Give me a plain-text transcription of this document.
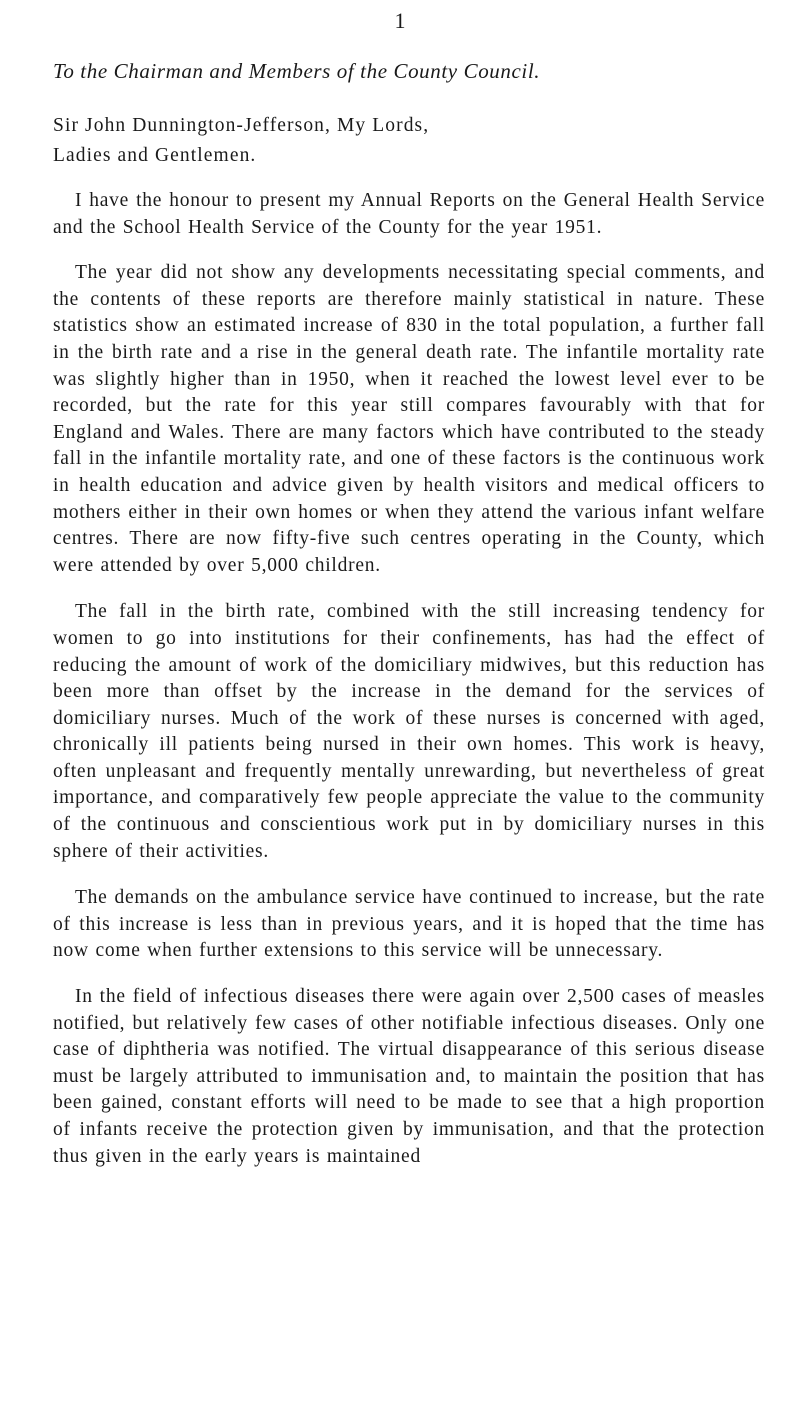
1
To the Chairman and Members of the County Council.
Sir John Dunnington-Jefferson, My Lords,
Ladies and Gentlemen.

I have the honour to present my Annual Reports on the General Health Service and the School Health Service of the County for the year 1951.

The year did not show any developments necessitating special comments, and the contents of these reports are therefore mainly statistical in nature. These statistics show an estimated increase of 830 in the total population, a further fall in the birth rate and a rise in the general death rate. The infantile mortality rate was slightly higher than in 1950, when it reached the lowest level ever to be recorded, but the rate for this year still compares favourably with that for England and Wales. There are many factors which have contributed to the steady fall in the infantile mortality rate, and one of these factors is the continuous work in health education and advice given by health visitors and medical officers to mothers either in their own homes or when they attend the various infant welfare centres. There are now fifty-five such centres operating in the County, which were attended by over 5,000 children.

The fall in the birth rate, combined with the still increasing tendency for women to go into institutions for their confinements, has had the effect of reducing the amount of work of the domiciliary midwives, but this reduction has been more than offset by the increase in the demand for the services of domiciliary nurses. Much of the work of these nurses is concerned with aged, chronically ill patients being nursed in their own homes. This work is heavy, often unpleasant and frequently mentally unrewarding, but nevertheless of great importance, and comparatively few people appreciate the value to the community of the continuous and conscientious work put in by domiciliary nurses in this sphere of their activities.

The demands on the ambulance service have continued to increase, but the rate of this increase is less than in previous years, and it is hoped that the time has now come when further extensions to this service will be unnecessary.

In the field of infectious diseases there were again over 2,500 cases of measles notified, but relatively few cases of other notifiable infectious diseases. Only one case of diphtheria was notified. The virtual disappearance of this serious disease must be largely attributed to immunisation and, to maintain the position that has been gained, constant efforts will need to be made to see that a high proportion of infants receive the protection given by immunisation, and that the protection thus given in the early years is maintained
